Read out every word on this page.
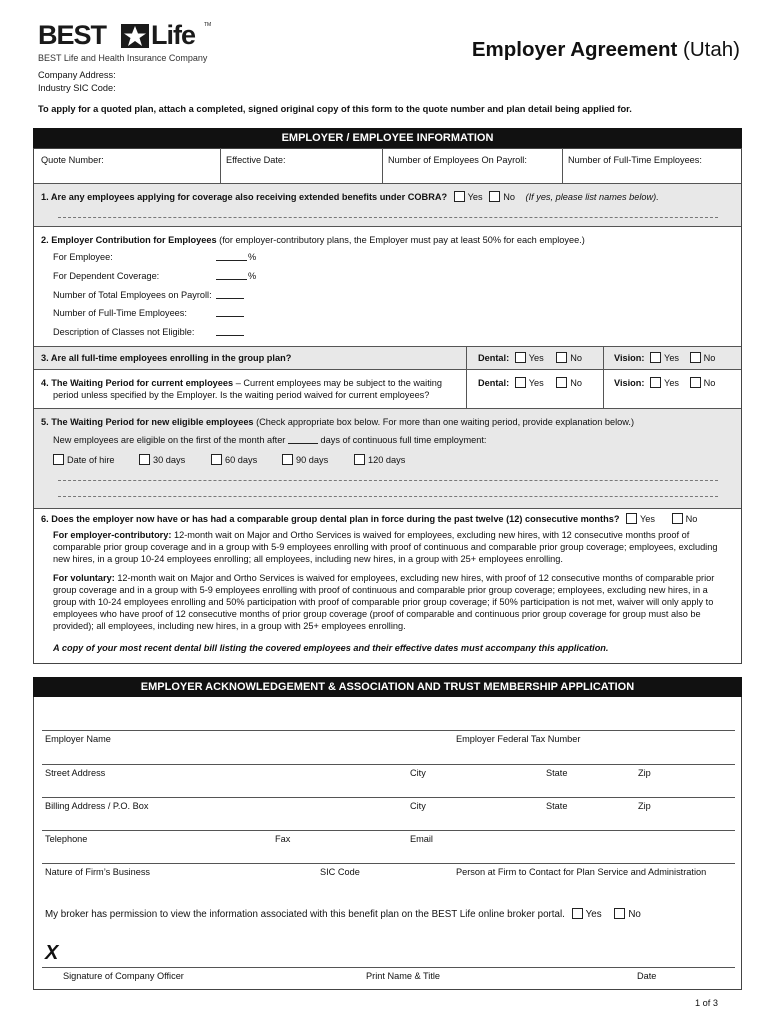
BEST Life TM
BEST Life and Health Insurance Company	Employer Agreement (Utah)
Company Address:
Industry SIC Code:
To apply for a quoted plan, attach a completed, signed original copy of this form to the quote number and plan detail being applied for.
EMPLOYER / EMPLOYEE INFORMATION
Quote Number:	Effective Date:	Number of Employees On Payroll:	Number of Full-Time Employees:
1. Are any employees applying for coverage also receiving extended benefits under COBRA? Yes No (If yes, please list names below).
2. Employer Contribution for Employees (for employer-contributory plans, the Employer must pay at least 50% for each employee.)
For Employee:	%
For Dependent Coverage:	%
Number of Total Employees on Payroll:
Number of Full-Time Employees:
Description of Classes not Eligible:
3. Are all full-time employees enrolling in the group plan?	Dental: Yes	No	Vision: Yes	No
4. The Waiting Period for current employees – Current employees may be subject to the waiting
period unless specified by the Employer. Is the waiting period waived for current employees?
Dental: Yes	No	Vision: Yes	No
5. The Waiting Period for new eligible employees (Check appropriate box below. For more than one waiting period, provide explanation below.)
New employees are eligible on the first of the month after	days of continuous full time employment:
Date of hire	30 days	60 days	90 days	120 days
6. Does the employer now have or has had a comparable group dental plan in force during the past twelve (12) consecutive months? Yes	No
For employer-contributory: 12-month wait on Major and Ortho Services is waived for employees, excluding new hires, with 12 consecutive months proof of
comparable prior group coverage and in a group with 5-9 employees enrolling with proof of continuous and comparable prior group coverage; employees, excluding
new hires, in a group 10-24 employees enrolling; all employees, including new hires, in a group with 25+ employees enrolling.
For voluntary: 12-month wait on Major and Ortho Services is waived for employees, excluding new hires, with proof of 12 consecutive months of comparable prior
group coverage and in a group with 5-9 employees enrolling with proof of continuous and comparable prior group coverage; employees, excluding new hires, in a
group with 10-24 employees enrolling and 50% participation with proof of comparable prior group coverage; if 50% participation is not met, waiver will only apply to
employees who have proof of 12 consecutive months of prior group coverage (proof of comparable and continuous prior group coverage for group must also be
provided); all employees, including new hires, in a group with 25+ employees enrolling.
A copy of your most recent dental bill listing the covered employees and their effective dates must accompany this application.
EMPLOYER ACKNOWLEDGEMENT & ASSOCIATION AND TRUST MEMBERSHIP APPLICATION
Employer Name	Employer Federal Tax Number
Street Address	City	State	Zip
Billing Address / P.O. Box	City	State	Zip
Telephone	Fax	Email
Nature of Firm’s Business	SIC Code	Person at Firm to Contact for Plan Service and Administration
My broker has permission to view the information associated with this benefit plan on the BEST Life online broker portal. Yes	No
X
Signature of Company Officer	Print Name & Title	Date
1 of 3
